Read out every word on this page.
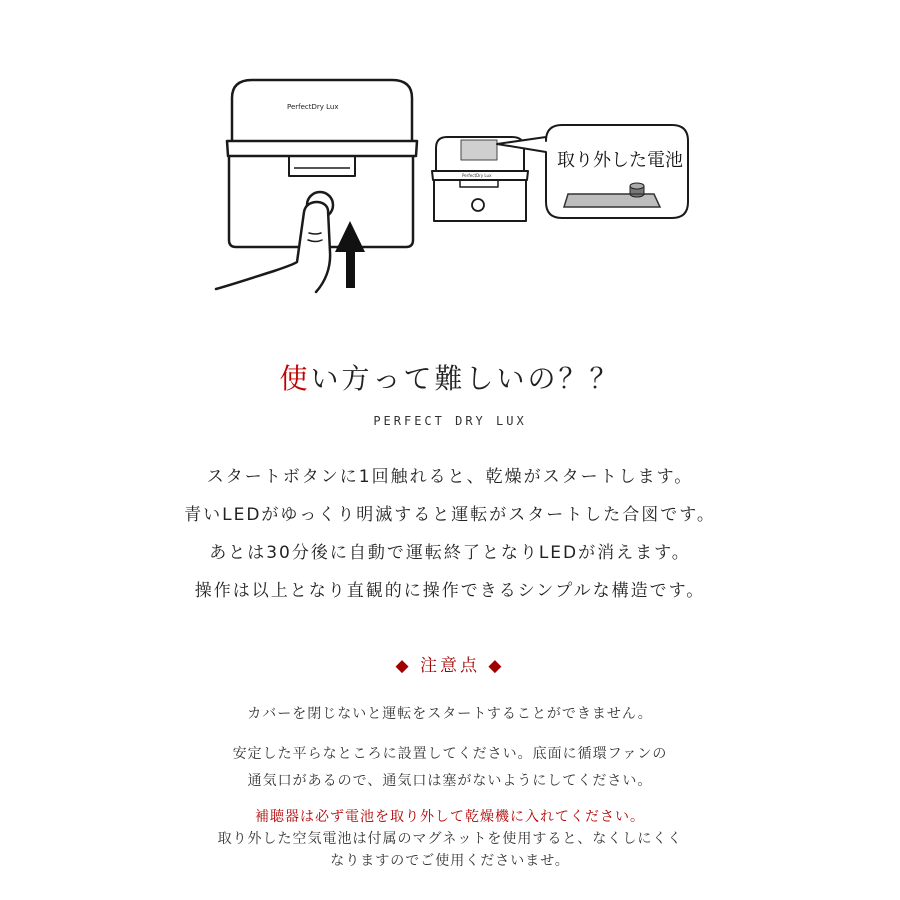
PerfectDry Lux
PerfectDry Lux
取り外した電池
使い方って難しいの？？
PERFECT DRY LUX

スタートボタンに1回触れると、乾燥がスタートします。

青いLEDがゆっくり明滅すると運転がスタートした合図です。

あとは30分後に自動で運転終了となりLEDが消えます。

操作は以上となり直観的に操作できるシンプルな構造です。

◆ 注意点 ◆
カバーを閉じないと運転をスタートすることができません。
安定した平らなところに設置してください。底面に循環ファンの
通気口があるので、通気口は塞がないようにしてください。
補聴器は必ず電池を取り外して乾燥機に入れてください。
取り外した空気電池は付属のマグネットを使用すると、なくしにくく
なりますのでご使用くださいませ。
